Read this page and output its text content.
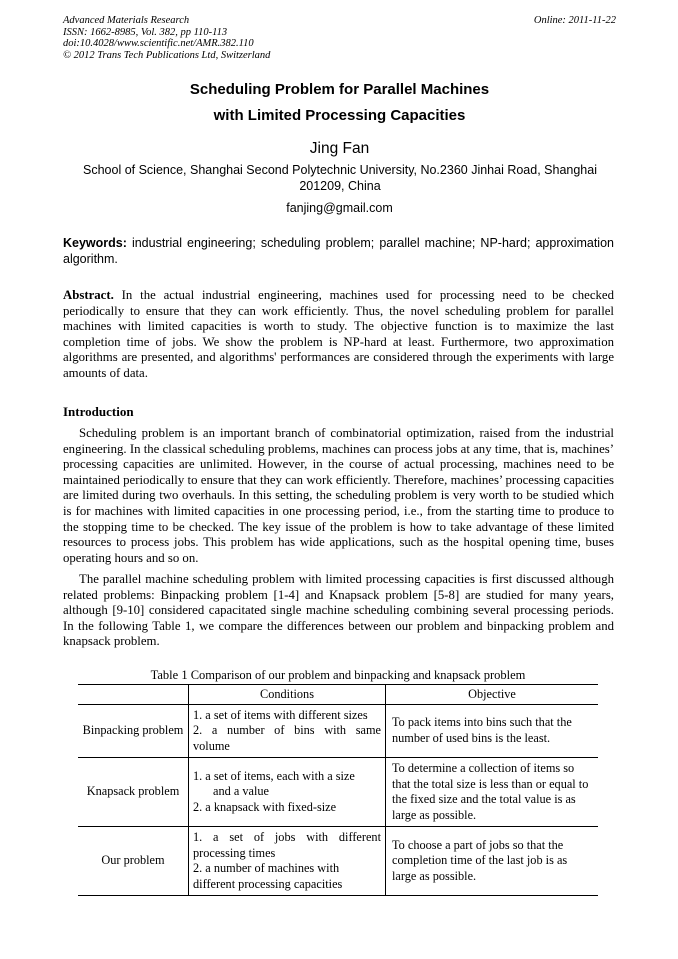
Advanced Materials Research
ISSN: 1662-8985, Vol. 382, pp 110-113
doi:10.4028/www.scientific.net/AMR.382.110
© 2012 Trans Tech Publications Ltd, Switzerland
Online: 2011-11-22
Scheduling Problem for Parallel Machines
with Limited Processing Capacities
Jing Fan
School of Science, Shanghai Second Polytechnic University, No.2360 Jinhai Road, Shanghai 201209, China
fanjing@gmail.com
Keywords: industrial engineering; scheduling problem; parallel machine; NP-hard; approximation algorithm.
Abstract. In the actual industrial engineering, machines used for processing need to be checked periodically to ensure that they can work efficiently. Thus, the novel scheduling problem for parallel machines with limited capacities is worth to study. The objective function is to maximize the last completion time of jobs. We show the problem is NP-hard at least. Furthermore, two approximation algorithms are presented, and algorithms' performances are considered through the experiments with large amounts of data.
Introduction
Scheduling problem is an important branch of combinatorial optimization, raised from the industrial engineering. In the classical scheduling problems, machines can process jobs at any time, that is, machines’ processing capacities are unlimited. However, in the course of actual processing, machines need to be maintained periodically to ensure that they can work efficiently. Therefore, machines’ processing capacities are limited during two overhauls. In this setting, the scheduling problem is very worth to be studied which is for machines with limited capacities in one processing period, i.e., from the starting time to produce to the stopping time to be checked. The key issue of the problem is how to take advantage of these limited resources to process jobs. This problem has wide applications, such as the hospital opening time, buses operating hours and so on.
The parallel machine scheduling problem with limited processing capacities is first discussed although related problems: Binpacking problem [1-4] and Knapsack problem [5-8] are studied for many years, although [9-10] considered capacitated single machine scheduling combining several processing periods. In the following Table 1, we compare the differences between our problem and binpacking problem and knapsack problem.
Table 1 Comparison of our problem and binpacking and knapsack problem
	Conditions	Objective
Binpacking problem	1. a set of items with different sizes
2. a number of bins with same volume	To pack items into bins such that the number of used bins is the least.
Knapsack problem	1. a set of items, each with a size
and a value
2. a knapsack with fixed-size	To determine a collection of items so that the total size is less than or equal to the fixed size and the total value is as large as possible.
Our problem	1. a set of jobs with different processing times
2. a number of machines with different processing capacities	To choose a part of jobs so that the completion time of the last job is as large as possible.
